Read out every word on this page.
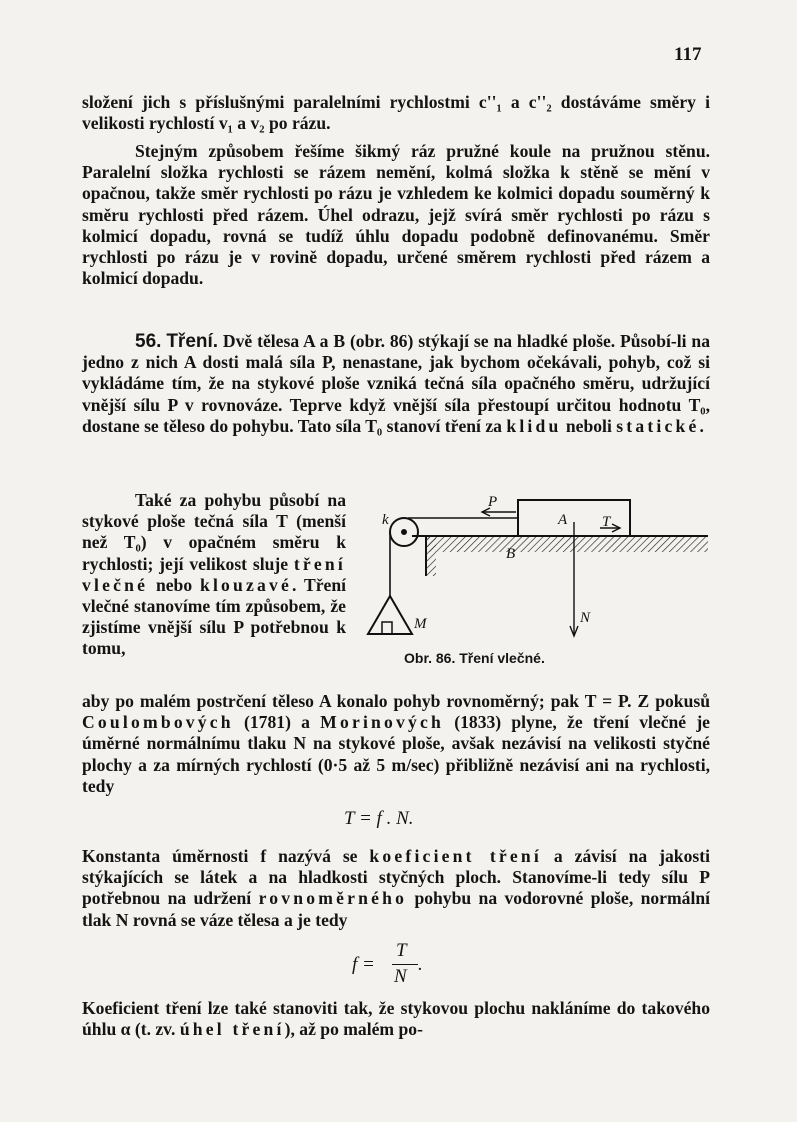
117

složení jich s příslušnými paralelními rychlostmi c''₁ a c''₂ dostáváme směry i velikosti rychlostí v₁ a v₂ po rázu.

Stejným způsobem řešíme šikmý ráz pružné koule na pružnou stěnu. Paralelní složka rychlosti se rázem nemění, kolmá složka k stěně se mění v opačnou, takže směr rychlosti po rázu je vzhledem ke kolmici dopadu souměrný k směru rychlosti před rázem. Úhel odrazu, jejž svírá směr rychlosti po rázu s kolmicí dopadu, rovná se tudíž úhlu dopadu podobně definovanému. Směr rychlosti po rázu je v rovině dopadu, určené směrem rychlosti před rázem a kolmicí dopadu.

56. Tření. Dvě tělesa A a B (obr. 86) stýkají se na hladké ploše. Působí-li na jedno z nich A dosti malá síla P, nenastane, jak bychom očekávali, pohyb, což si vykládáme tím, že na stykové ploše vzniká tečná síla opačného směru, udržující vnější sílu P v rovnováze. Teprve když vnější síla přestoupí určitou hodnotu T₀, dostane se těleso do pohybu. Tato síla T₀ stanoví tření za klidu neboli statické.

Také za pohybu působí na stykové ploše tečná síla T (menší než T₀) v opačném směru k rychlosti; její velikost sluje tření vlečné nebo klouzavé. Tření vlečné stanovíme tím způsobem, že zjistíme vnější sílu P potřebnou k tomu,

aby po malém postrčení těleso A konalo pohyb rovnoměrný; pak T = P. Z pokusů Coulombových (1781) a Morinových (1833) plyne, že tření vlečné je úměrné normálnímu tlaku N na stykové ploše, avšak nezávisí na velikosti styčné plochy a za mírných rychlostí (0·5 až 5 m/sec) přibližně nezávisí ani na rychlosti, tedy

T = f . N.

Konstanta úměrnosti f nazývá se koeficient tření a závisí na jakosti stýkajících se látek a na hladkosti styčných ploch. Stanovíme-li tedy sílu P potřebnou na udržení rovnoměrného pohybu na vodorovné ploše, normální tlak N rovná se váze tělesa a je tedy

f =
T
N
.

Koeficient tření lze také stanoviti tak, že stykovou plochu nakláníme do takového úhlu α (t. zv. úhel tření), až po malém po-

P
A T
B
N
M
k
Obr. 86. Tření vlečné.
